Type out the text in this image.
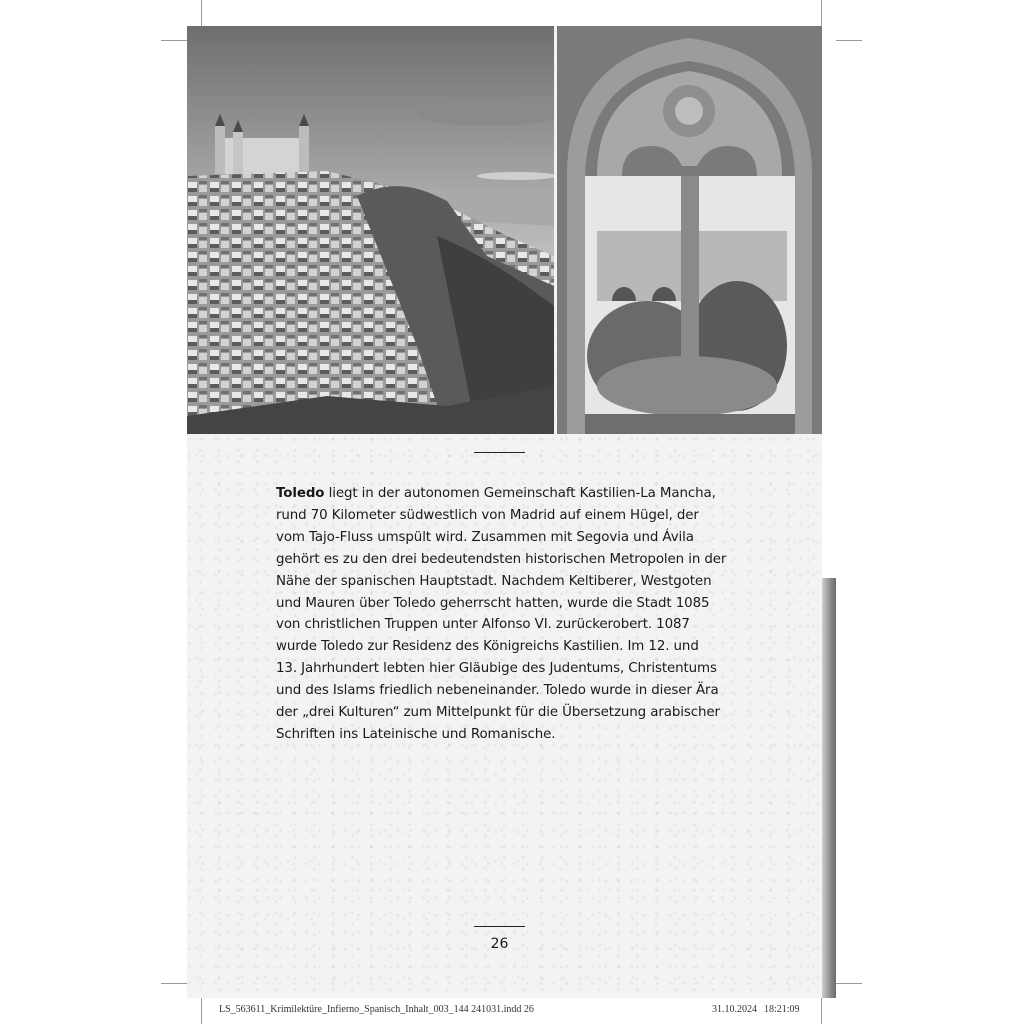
Toledo liegt in der autonomen Gemeinschaft Kastilien-La Mancha,
rund 70 Kilometer südwestlich von Madrid auf einem Hügel, der
vom Tajo-Fluss umspült wird. Zusammen mit Segovia und Ávila
gehört es zu den drei bedeutendsten historischen Metropolen in der
Nähe der spanischen Hauptstadt. Nachdem Keltiberer, Westgoten
und Mauren über Toledo geherrscht hatten, wurde die Stadt 1085
von christlichen Truppen unter Alfonso VI. zurückerobert. 1087
wurde Toledo zur Residenz des Königreichs Kastilien. Im 12. und
13. Jahrhundert lebten hier Gläubige des Judentums, Christentums
und des Islams friedlich nebeneinander. Toledo wurde in dieser Ära
der „drei Kulturen“ zum Mittelpunkt für die Übersetzung arabischer
Schriften ins Lateinische und Romanische.
26
LS_563611_Krimilektüre_Infierno_Spanisch_Inhalt_003_144 241031.indd 26	31.10.2024 18:21:09
